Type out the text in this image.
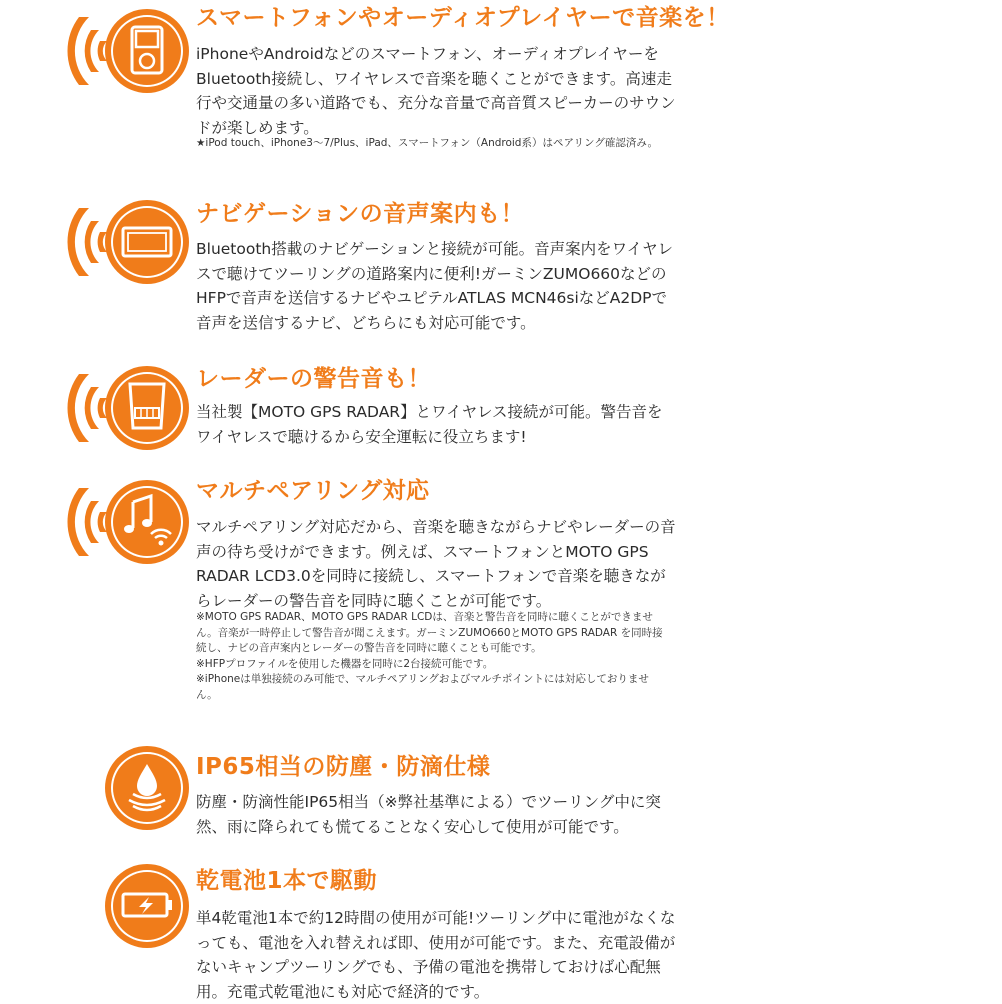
スマートフォンやオーディオプレイヤーで音楽を！
iPhoneやAndroidなどのスマートフォン、オーディオプレイヤーをBluetooth接続し、ワイヤレスで音楽を聴くことができます。高速走行や交通量の多い道路でも、充分な音量で高音質スピーカーのサウンドが楽しめます。

★iPod touch、iPhone3〜7/Plus、iPad、スマートフォン（Android系）はペアリング確認済み。

ナビゲーションの音声案内も！
Bluetooth搭載のナビゲーションと接続が可能。音声案内をワイヤレスで聴けてツーリングの道路案内に便利!ガーミンZUMO660などのHFPで音声を送信するナビやユピテルATLAS MCN46siなどA2DPで音声を送信するナビ、どちらにも対応可能です。
レーダーの警告音も！
当社製【MOTO GPS RADAR】とワイヤレス接続が可能。警告音をワイヤレスで聴けるから安全運転に役立ちます!
マルチペアリング対応
マルチペアリング対応だから、音楽を聴きながらナビやレーダーの音声の待ち受けができます。例えば、スマートフォンとMOTO GPS RADAR LCD3.0を同時に接続し、スマートフォンで音楽を聴きながらレーダーの警告音を同時に聴くことが可能です。

※MOTO GPS RADAR、MOTO GPS RADAR LCDは、音楽と警告音を同時に聴くことができません。音楽が一時停止して警告音が聞こえます。ガーミンZUMO660とMOTO GPS RADAR を同時接続し、ナビの音声案内とレーダーの警告音を同時に聴くことも可能です。

※HFPプロファイルを使用した機器を同時に2台接続可能です。

※iPhoneは単独接続のみ可能で、マルチペアリングおよびマルチポイントには対応しておりません。

IP65相当の防塵・防滴仕様
防塵・防滴性能IP65相当（※弊社基準による）でツーリング中に突然、雨に降られても慌てることなく安心して使用が可能です。
乾電池1本で駆動
単4乾電池1本で約12時間の使用が可能!ツーリング中に電池がなくなっても、電池を入れ替えれば即、使用が可能です。また、充電設備がないキャンプツーリングでも、予備の電池を携帯しておけば心配無用。充電式乾電池にも対応で経済的です。
